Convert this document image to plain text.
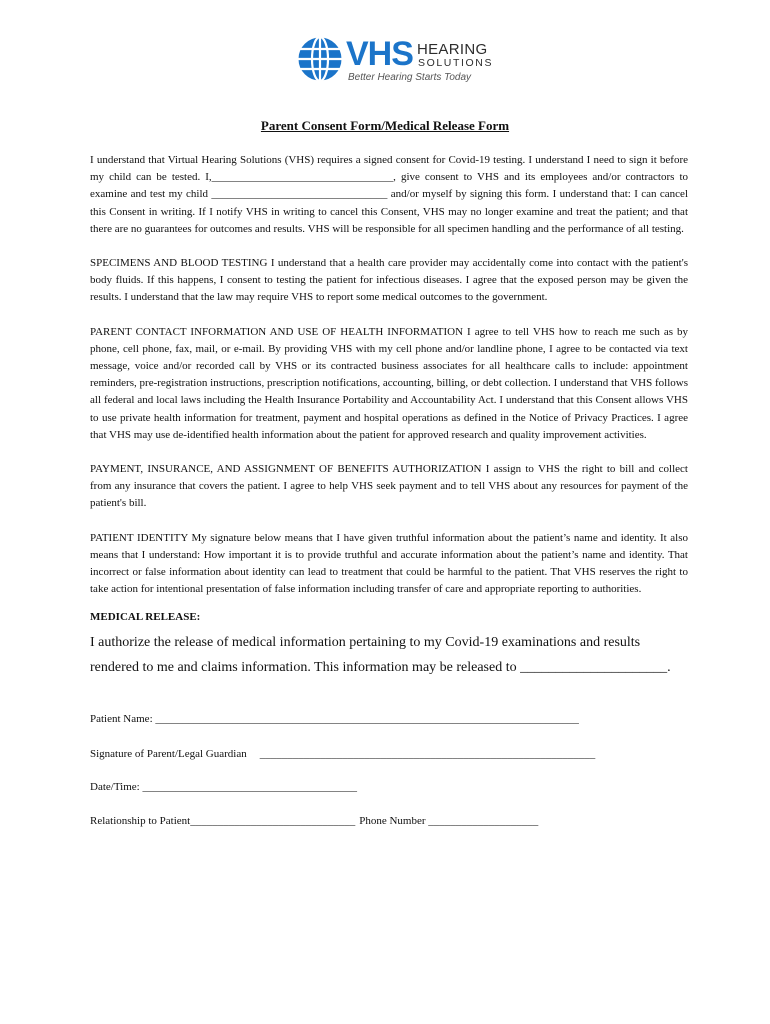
VHS HEARING
SOLUTIONS
Better Hearing Starts Today
Parent Consent Form/Medical Release Form

I understand that Virtual Hearing Solutions (VHS) requires a signed consent for Covid-19 testing. I understand I need to sign it before my child can be tested. I,_________________________________, give consent to VHS and its employees and/or contractors to examine and test my child ________________________________ and/or myself by signing this form. I understand that: I can cancel this Consent in writing. If I notify VHS in writing to cancel this Consent, VHS may no longer examine and treat the patient; and that there are no guarantees for outcomes and results. VHS will be responsible for all specimen handling and the performance of all testing.

SPECIMENS AND BLOOD TESTING I understand that a health care provider may accidentally come into contact with the patient's body fluids. If this happens, I consent to testing the patient for infectious diseases. I agree that the exposed person may be given the results. I understand that the law may require VHS to report some medical outcomes to the government.

PARENT CONTACT INFORMATION AND USE OF HEALTH INFORMATION I agree to tell VHS how to reach me such as by phone, cell phone, fax, mail, or e-mail. By providing VHS with my cell phone and/or landline phone, I agree to be contacted via text message, voice and/or recorded call by VHS or its contracted business associates for all healthcare calls to include: appointment reminders, pre-registration instructions, prescription notifications, accounting, billing, or debt collection. I understand that VHS follows all federal and local laws including the Health Insurance Portability and Accountability Act. I understand that this Consent allows VHS to use private health information for treatment, payment and hospital operations as defined in the Notice of Privacy Practices. I agree that VHS may use de-identified health information about the patient for approved research and quality improvement activities.

PAYMENT, INSURANCE, AND ASSIGNMENT OF BENEFITS AUTHORIZATION I assign to VHS the right to bill and collect from any insurance that covers the patient. I agree to help VHS seek payment and to tell VHS about any resources for payment of the patient's bill.

PATIENT IDENTITY My signature below means that I have given truthful information about the patient’s name and identity. It also means that I understand: How important it is to provide truthful and accurate information about the patient’s name and identity. That incorrect or false information about identity can lead to treatment that could be harmful to the patient. That VHS reserves the right to take action for intentional presentation of false information including transfer of care and appropriate reporting to authorities.

MEDICAL RELEASE:
I authorize the release of medical information pertaining to my Covid-19 examinations and results rendered to me and claims information. This information may be released to _____________________.
Patient Name: _____________________________________________________________________________
Signature of Parent/Legal Guardian _____________________________________________________________
Date/Time: _______________________________________
Relationship to Patient______________________________ Phone Number ____________________
